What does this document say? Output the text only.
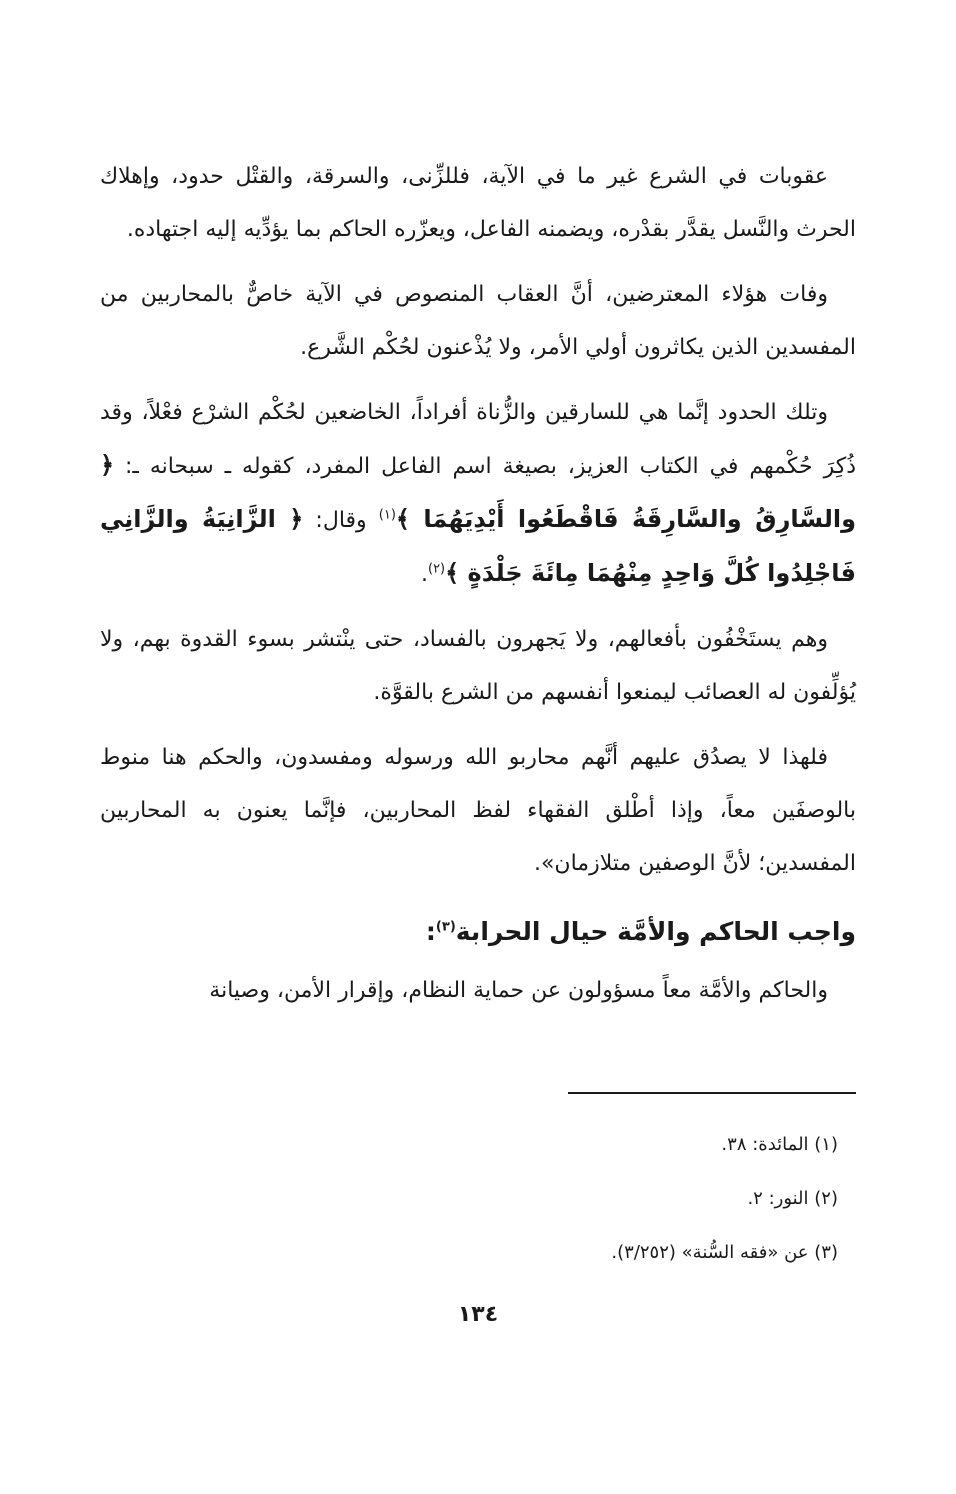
عقوبات في الشرع غير ما في الآية، فللزِّنى، والسرقة، والقتْل حدود، وإهلاك الحرث والنَّسل يقدَّر بقدْره، ويضمنه الفاعل، ويعزّره الحاكم بما يؤدِّيه إليه اجتهاده.

وفات هؤلاء المعترضين، أنَّ العقاب المنصوص في الآية خاصٌّ بالمحاربين من المفسدين الذين يكاثرون أولي الأمر، ولا يُذْعنون لحُكْم الشَّرع.

وتلك الحدود إنَّما هي للسارقين والزُّناة أفراداً، الخاضعين لحُكْم الشرْع فعْلاً، وقد ذُكِرَ حُكْمهم في الكتاب العزيز، بصيغة اسم الفاعل المفرد، كقوله ـ سبحانه ـ: ﴿ والسَّارِقُ والسَّارِقَةُ فَاقْطَعُوا أَيْدِيَهُمَا ﴾$^{(١)}$ وقال: ﴿ الزَّانِيَةُ والزَّانِي فَاجْلِدُوا كُلَّ وَاحِدٍ مِنْهُمَا مِائَةَ جَلْدَةٍ ﴾$^{(٢)}$.

وهم يستَخْفُون بأفعالهم، ولا يَجهرون بالفساد، حتى ينْتشر بسوء القدوة بهم، ولا يُؤلِّفون له العصائب ليمنعوا أنفسهم من الشرع بالقوَّة.

فلهذا لا يصدُق عليهم أنَّهم محاربو الله ورسوله ومفسدون، والحكم هنا منوط بالوصفَين معاً، وإذا أطْلق الفقهاء لفظ المحاربين، فإنَّما يعنون به المحاربين المفسدين؛ لأنَّ الوصفين متلازمان».

واجب الحاكم والأمَّة حيال الحرابة$^{(٣)}$:

والحاكم والأمَّة معاً مسؤولون عن حماية النظام، وإقرار الأمن، وصيانة

(١) المائدة: ٣٨.

(٢) النور: ٢.

(٣) عن «فقه السُّنة» (٣/٢٥٢).

١٣٤
